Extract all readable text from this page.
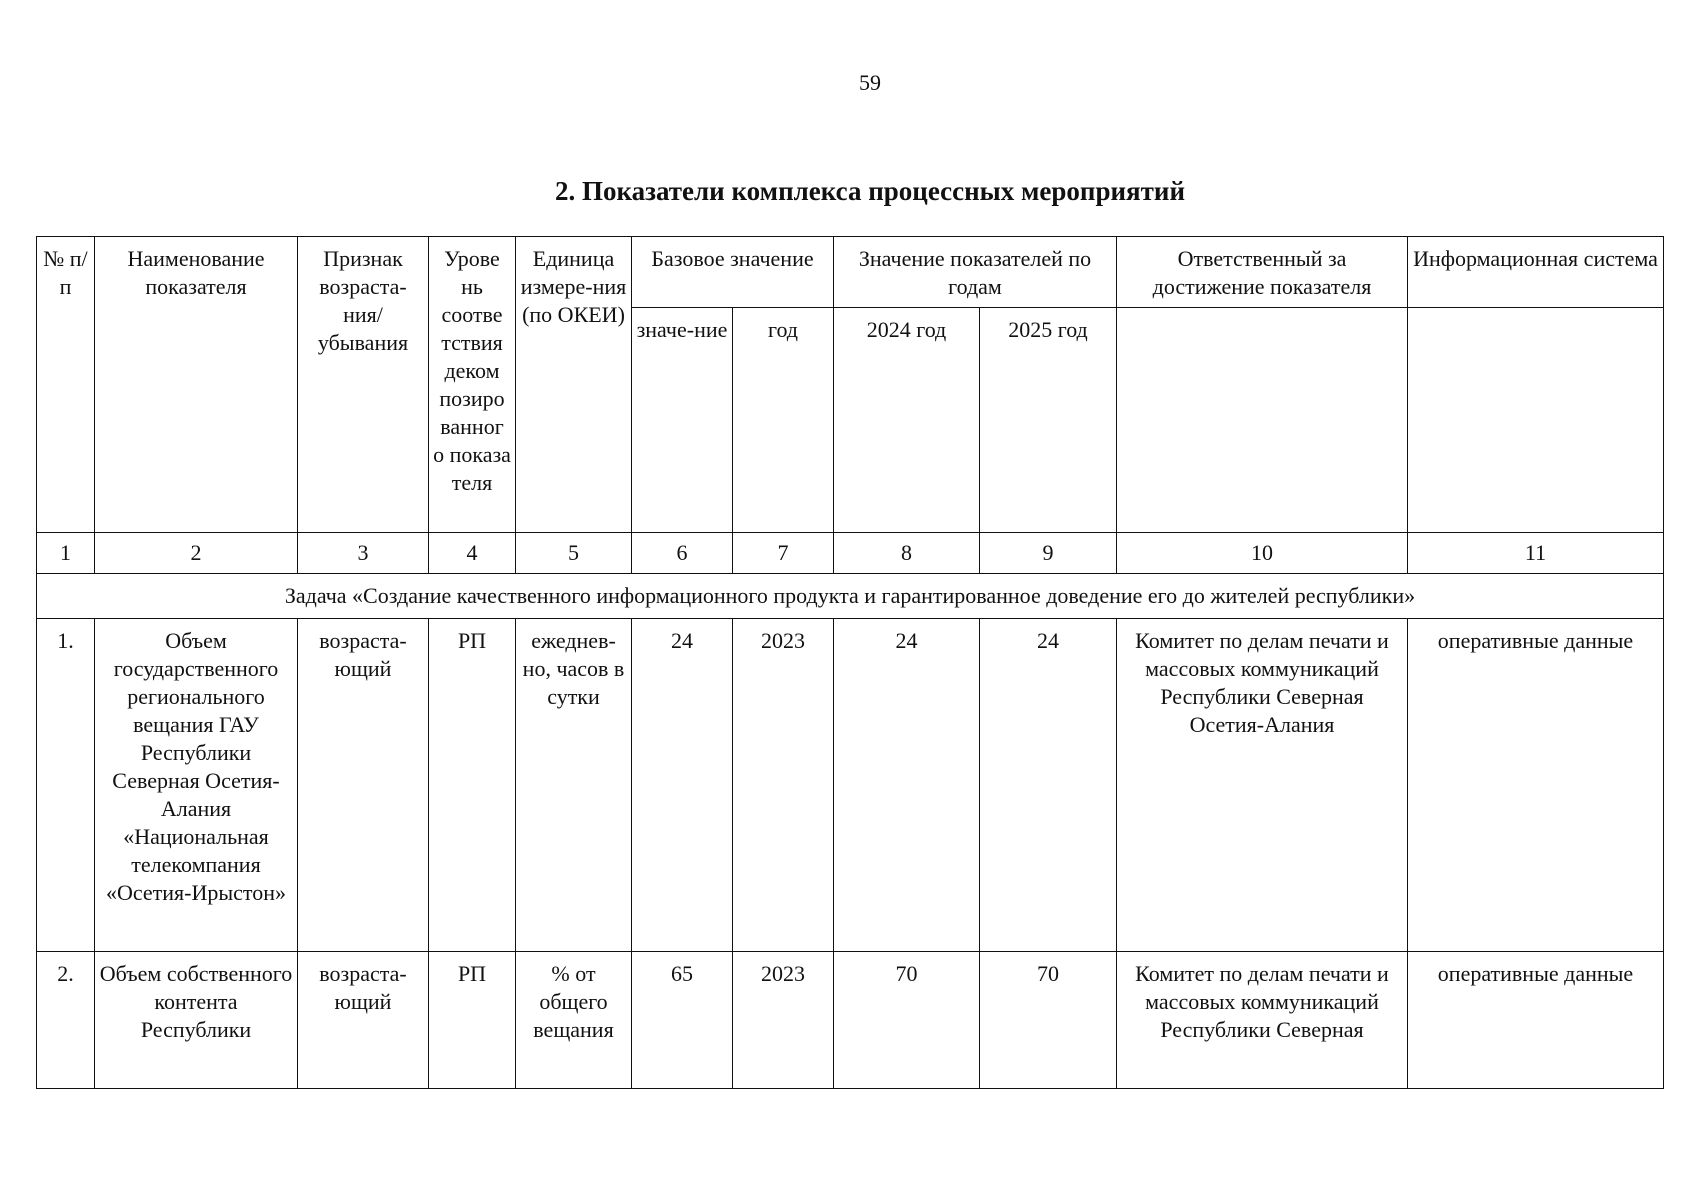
59
2. Показатели комплекса процессных мероприятий
№ п/п	Наименование показателя	Признак возраста-ния/ убывания	Урове нь соотве тствия деком позиро ванног о показа теля	Единица измере-ния (по ОКЕИ)	Базовое значение		Значение показателей по годам		Ответственный за достижение показателя	Информационная система
					значе-ние	год	2024 год	2025 год		
1	2	3	4	5	6	7	8	9	10	11
Задача «Создание качественного информационного продукта и гарантированное доведение его до жителей республики»										
1.	Объем государственного регионального вещания ГАУ Республики Северная Осетия-Алания «Национальная телекомпания «Осетия-Ирыстон»	возраста-ющий	РП	ежеднев-но, часов в сутки	24	2023	24	24	Комитет по делам печати и массовых коммуникаций Республики Северная Осетия-Алания	оперативные данные
2.	Объем собственного контента Республики	возраста-ющий	РП	% от общего вещания	65	2023	70	70	Комитет по делам печати и массовых коммуникаций Республики Северная	оперативные данные
